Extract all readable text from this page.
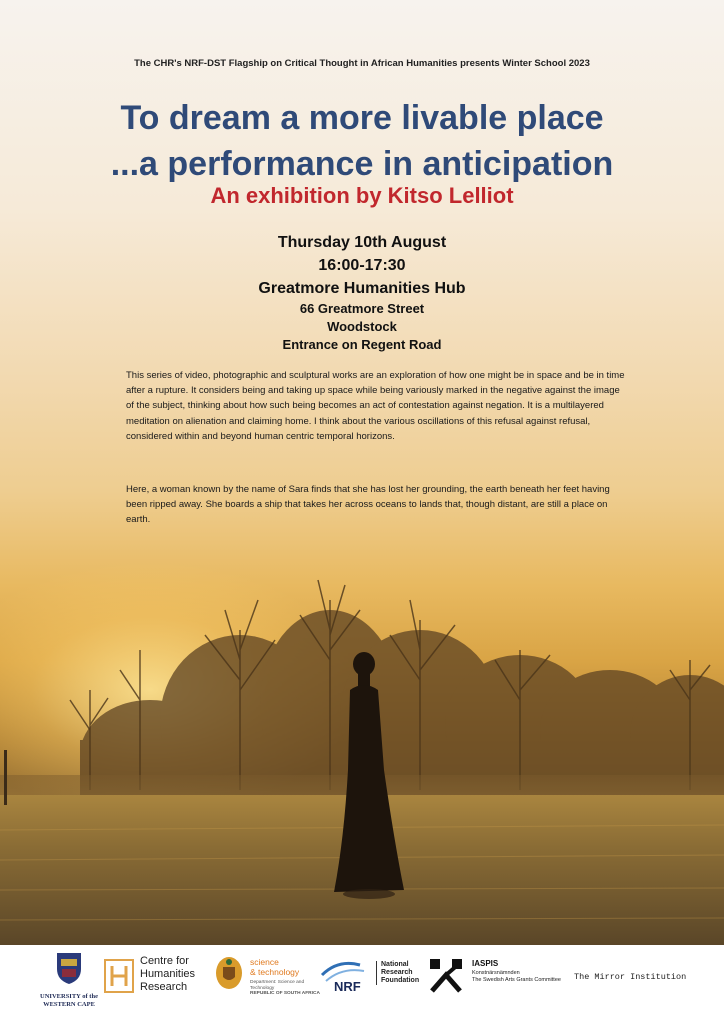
The CHR's NRF-DST Flagship on Critical Thought in African Humanities presents Winter School 2023
To dream a more livable place
...a performance in anticipation
An exhibition by Kitso Lelliot
Thursday 10th August
16:00-17:30
Greatmore Humanities Hub
66 Greatmore Street
Woodstock
Entrance on Regent Road

This series of video, photographic and sculptural works are an exploration of how one might be in space and be in time after a rupture. It considers being and taking up space while being variously marked in the negative against the image of the subject, thinking about how such being becomes an act of contestation against negation. It is a multilayered meditation on alienation and claiming home. I think about the various oscillations of this refusal against refusal, considered within and beyond human centric temporal horizons.

Here, a woman known by the name of Sara finds that she has lost her grounding, the earth beneath her feet having been ripped away. She boards a ship that takes her across oceans to lands that, though distant, are still a place on earth.

UNIVERSITY of the
WESTERN CAPE
Centre for
Humanities
Research
science
& technology
Department: Science and Technology
REPUBLIC OF SOUTH AFRICA NRF
National
Research
Foundation
IASPIS
Konstnärsnämnden
The Swedish Arts Grants Committee	The Mirror Institution
